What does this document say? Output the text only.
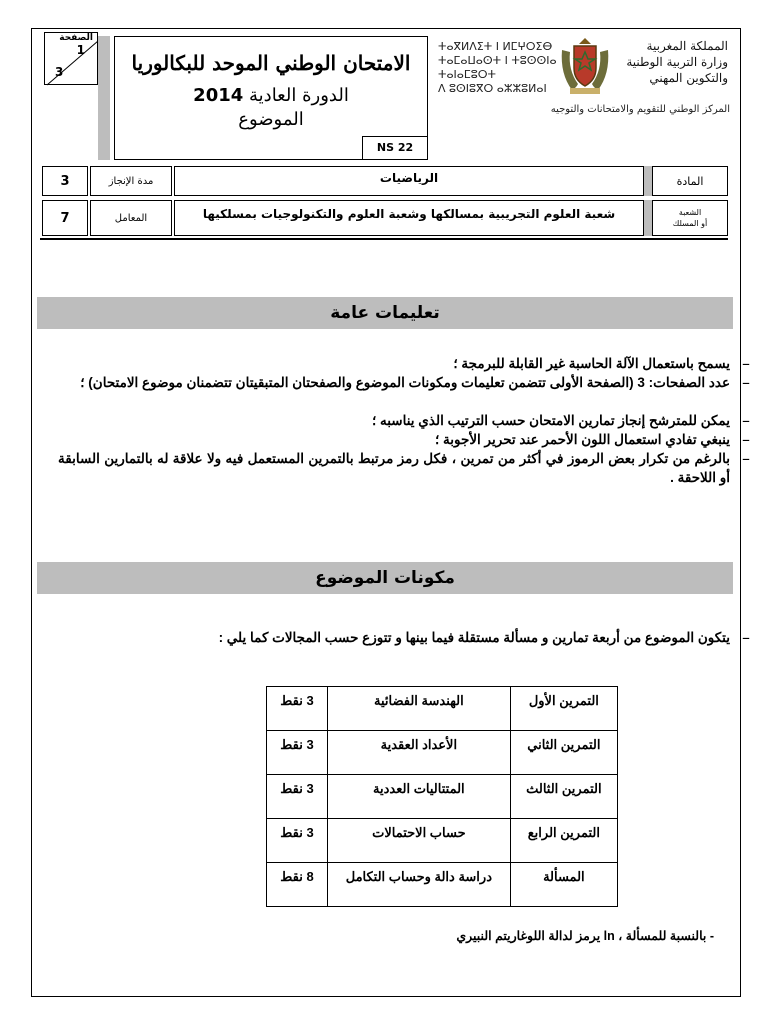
الصفحة
1
3	الامتحان الوطني الموحد للبكالوريا
الدورة العادية 2014
الموضوع
NS 22
ⵜⴰⴳⵍⴷⵉⵜ ⵏ ⵍⵎⵖⵔⵉⴱ
ⵜⴰⵎⴰⵡⴰⵙⵜ ⵏ ⵜⵓⵙⵙⵏⴰ ⵜⴰⵏⴰⵎⵓⵔⵜ
ⴷ ⵓⵙⵏⵓⴳⵔ ⴰⵣⵣⵓⵍⴰⵏ
المملكة المغربية
وزارة التربية الوطنية
والتكوين المهني
المركز الوطني للتقويم والامتحانات والتوجيه
3	مدة الإنجاز	الرياضيات	المادة
7	المعامل	شعبة العلوم التجريبية بمسالكها وشعبة العلوم والتكنولوجيات بمسلكيها	الشعبة
أو المسلك
تعليمات عامة
–
يسمح باستعمال الآلة الحاسبة غير القابلة للبرمجة ؛
–
عدد الصفحات: 3 (الصفحة الأولى تتضمن تعليمات ومكونات الموضوع والصفحتان المتبقيتان تتضمنان موضوع الامتحان) ؛
–
يمكن للمترشح إنجاز تمارين الامتحان حسب الترتيب الذي يناسبه ؛
–
ينبغي تفادي استعمال اللون الأحمر عند تحرير الأجوبة ؛
–
بالرغم من تكرار بعض الرموز في أكثر من تمرين ، فكل رمز مرتبط بالتمرين المستعمل فيه ولا علاقة له بالتمارين السابقة أو اللاحقة .
مكونات الموضوع
–
يتكون الموضوع من أربعة تمارين و مسألة مستقلة فيما بينها و تتوزع حسب المجالات كما يلي :
التمرين الأول	الهندسة الفضائية	3 نقط
التمرين الثاني	الأعداد العقدية	3 نقط
التمرين الثالث	المتتاليات العددية	3 نقط
التمرين الرابع	حساب الاحتمالات	3 نقط
المسألة	دراسة دالة وحساب التكامل	8 نقط
- بالنسبة للمسألة ، ln يرمز لدالة اللوغاريتم النبيري
